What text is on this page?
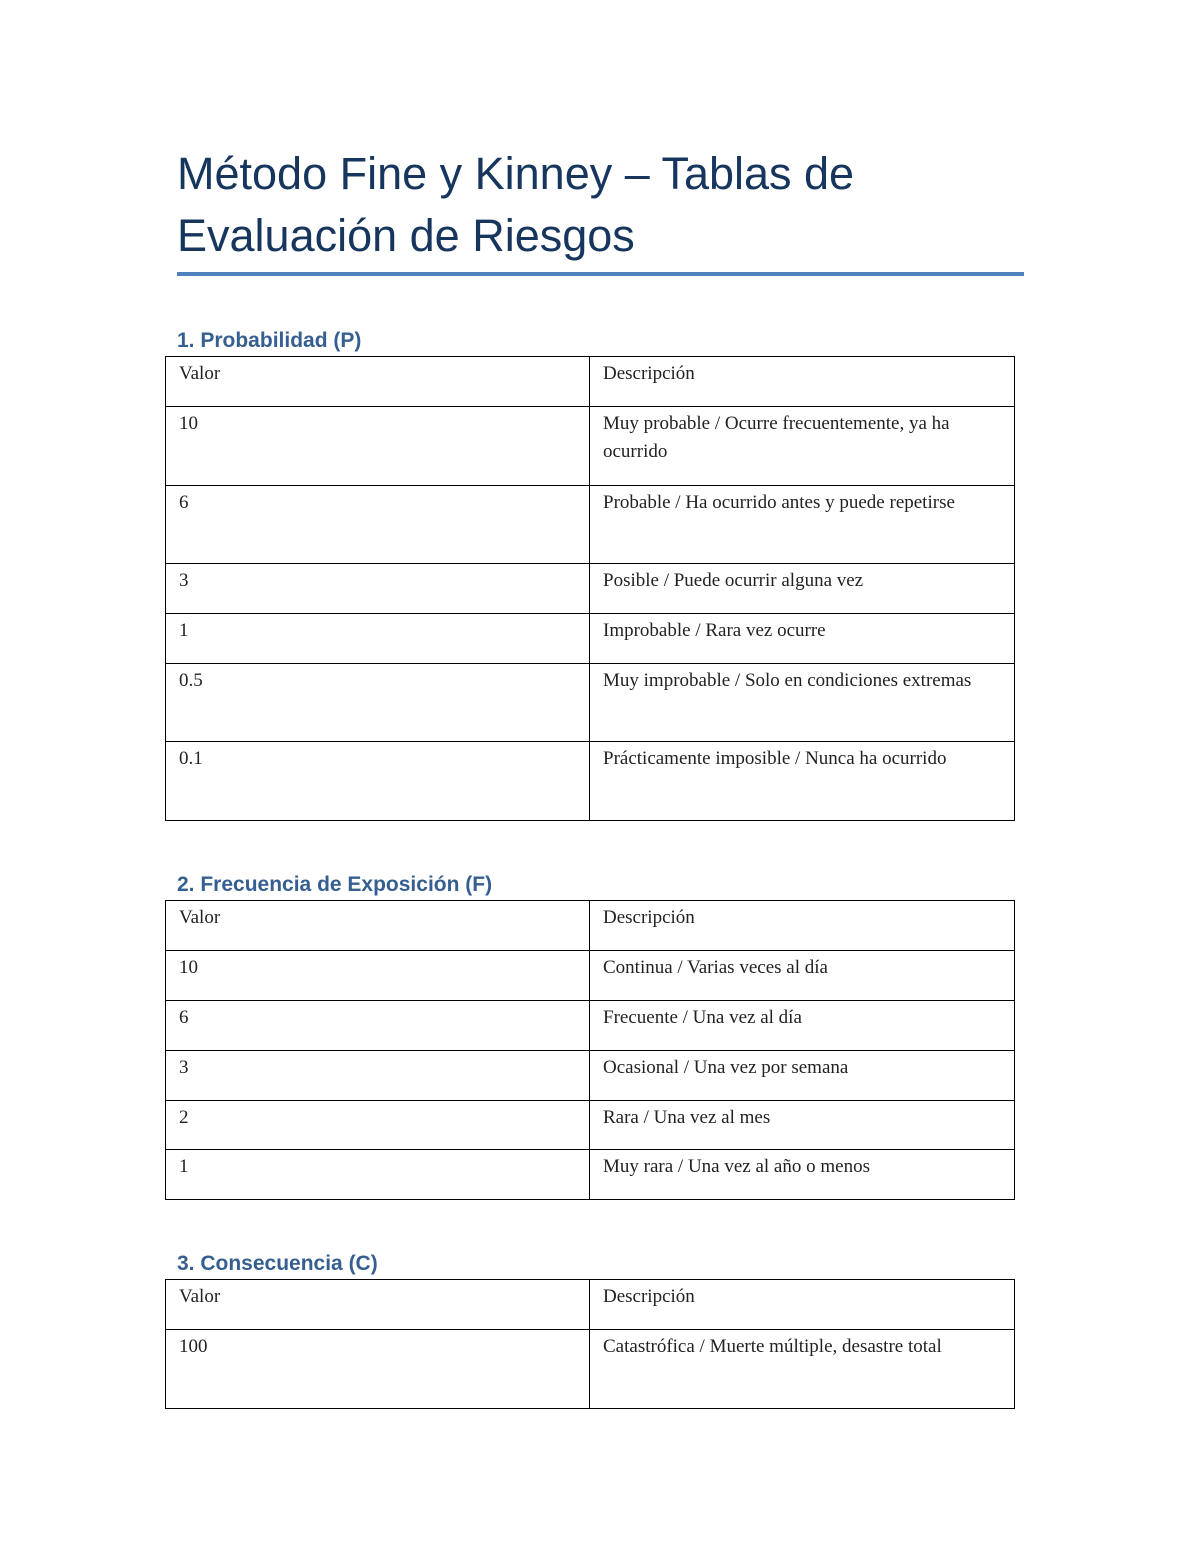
Método Fine y Kinney – Tablas de Evaluación de Riesgos
1. Probabilidad (P)
Valor	Descripción
10	Muy probable / Ocurre frecuentemente, ya ha ocurrido
6	Probable / Ha ocurrido antes y puede repetirse
3	Posible / Puede ocurrir alguna vez
1	Improbable / Rara vez ocurre
0.5	Muy improbable / Solo en condiciones extremas
0.1	Prácticamente imposible / Nunca ha ocurrido
2. Frecuencia de Exposición (F)
Valor	Descripción
10	Continua / Varias veces al día
6	Frecuente / Una vez al día
3	Ocasional / Una vez por semana
2	Rara / Una vez al mes
1	Muy rara / Una vez al año o menos
3. Consecuencia (C)
Valor	Descripción
100	Catastrófica / Muerte múltiple, desastre total
